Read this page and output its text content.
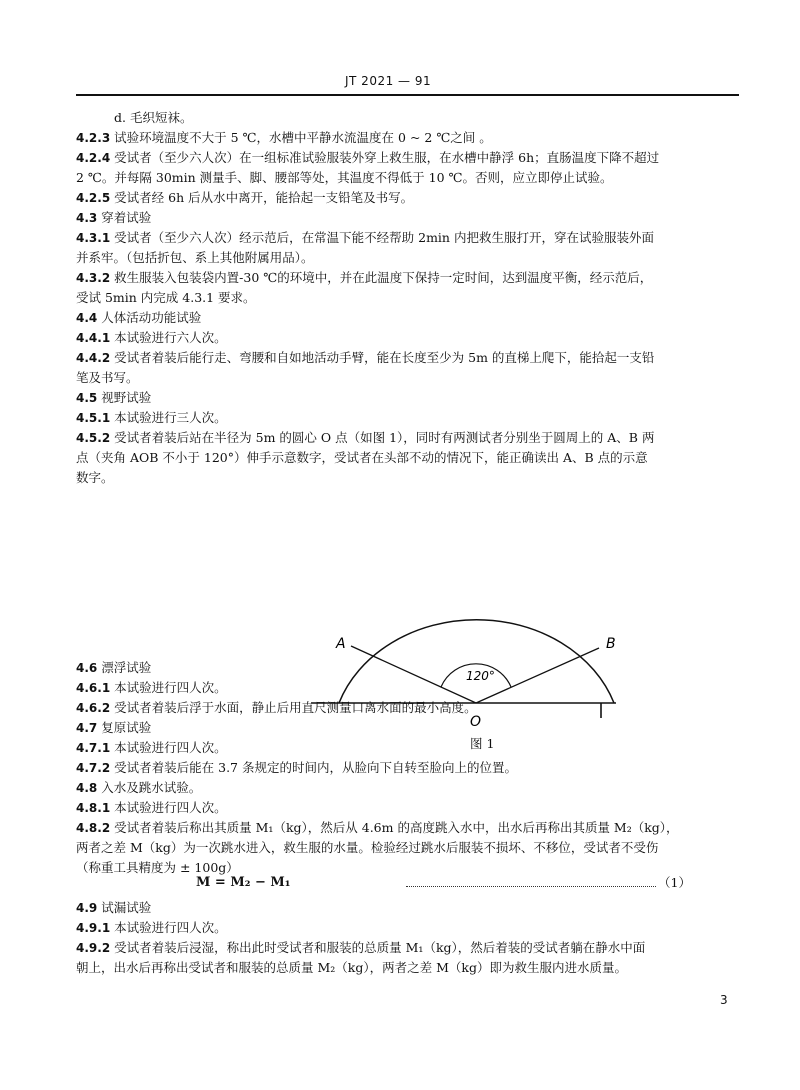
JT 2021 — 91
d. 毛织短袜。
4.2.3 试验环境温度不大于 5 ℃，水槽中平静水流温度在 0 ~ 2 ℃之间 。
4.2.4 受试者（至少六人次）在一组标准试验服装外穿上救生服，在水槽中静浮 6h；直肠温度下降不超过
2 ℃。并每隔 30min 测量手、脚、腰部等处，其温度不得低于 10 ℃。否则，应立即停止试验。
4.2.5 受试者经 6h 后从水中离开，能拾起一支铅笔及书写。
4.3 穿着试验
4.3.1 受试者（至少六人次）经示范后，在常温下能不经帮助 2min 内把救生服打开，穿在试验服装外面
并系牢。（包括折包、系上其他附属用品）。
4.3.2 救生服装入包装袋内置-30 ℃的环境中，并在此温度下保持一定时间，达到温度平衡，经示范后，
受试 5min 内完成 4.3.1 要求。
4.4 人体活动功能试验
4.4.1 本试验进行六人次。
4.4.2 受试者着装后能行走、弯腰和自如地活动手臂，能在长度至少为 5m 的直梯上爬下，能拾起一支铅
笔及书写。
4.5 视野试验
4.5.1 本试验进行三人次。
4.5.2 受试者着装后站在半径为 5m 的圆心 O 点（如图 1），同时有两测试者分别坐于圆周上的 A、B 两
点（夹角 AOB 不小于 120°）伸手示意数字，受试者在头部不动的情况下，能正确读出 A、B 点的示意
数字。
4.6 漂浮试验
4.6.1 本试验进行四人次。
4.6.2 受试者着装后浮于水面，静止后用直尺测量口离水面的最小高度。
4.7 复原试验
4.7.1 本试验进行四人次。
4.7.2 受试者着装后能在 3.7 条规定的时间内，从脸向下自转至脸向上的位置。
4.8 入水及跳水试验。
4.8.1 本试验进行四人次。
4.8.2 受试者着装后称出其质量 M₁（kg），然后从 4.6m 的高度跳入水中，出水后再称出其质量 M₂（kg），
两者之差 M（kg）为一次跳水进入，救生服的水量。检验经过跳水后服装不损坏、不移位，受试者不受伤
（称重工具精度为 ± 100g）
4.9 试漏试验
4.9.1 本试验进行四人次。
4.9.2 受试者着装后浸湿，称出此时受试者和服装的总质量 M₁（kg），然后着装的受试者躺在静水中面
朝上，出水后再称出受试者和服装的总质量 M₂（kg），两者之差 M（kg）即为救生服内进水质量。
A	B
O
120°
图 1
M = M₂ − M₁	（1）
3
